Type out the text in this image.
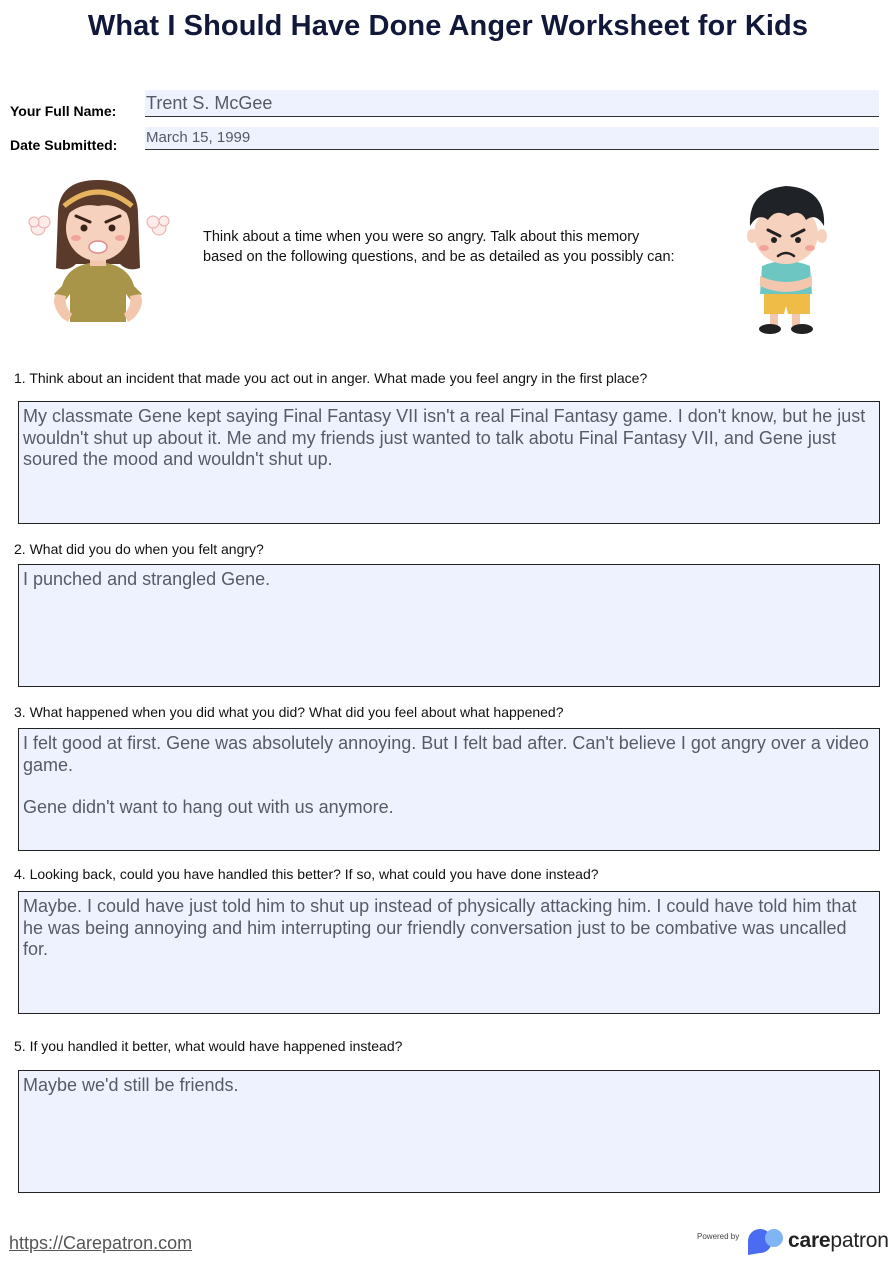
What I Should Have Done Anger Worksheet for Kids
Your Full Name: Trent S. McGee
Date Submitted: March 15, 1999
Think about a time when you were so angry. Talk about this memory
based on the following questions, and be as detailed as you possibly can:
1. Think about an incident that made you act out in anger. What made you feel angry in the first place?

My classmate Gene kept saying Final Fantasy VII isn't a real Final Fantasy game. I don't know, but he just wouldn't shut up about it. Me and my friends just wanted to talk abotu Final Fantasy VII, and Gene just soured the mood and wouldn't shut up.

2. What did you do when you felt angry?

I punched and strangled Gene.

3. What happened when you did what you did? What did you feel about what happened?

I felt good at first. Gene was absolutely annoying. But I felt bad after. Can't believe I got angry over a video game.

Gene didn't want to hang out with us anymore.

4. Looking back, could you have handled this better? If so, what could you have done instead?

Maybe. I could have just told him to shut up instead of physically attacking him. I could have told him that he was being annoying and him interrupting our friendly conversation just to be combative was uncalled for.

5. If you handled it better, what would have happened instead?

Maybe we'd still be friends.

https://Carepatron.com	Powered by carepatron
